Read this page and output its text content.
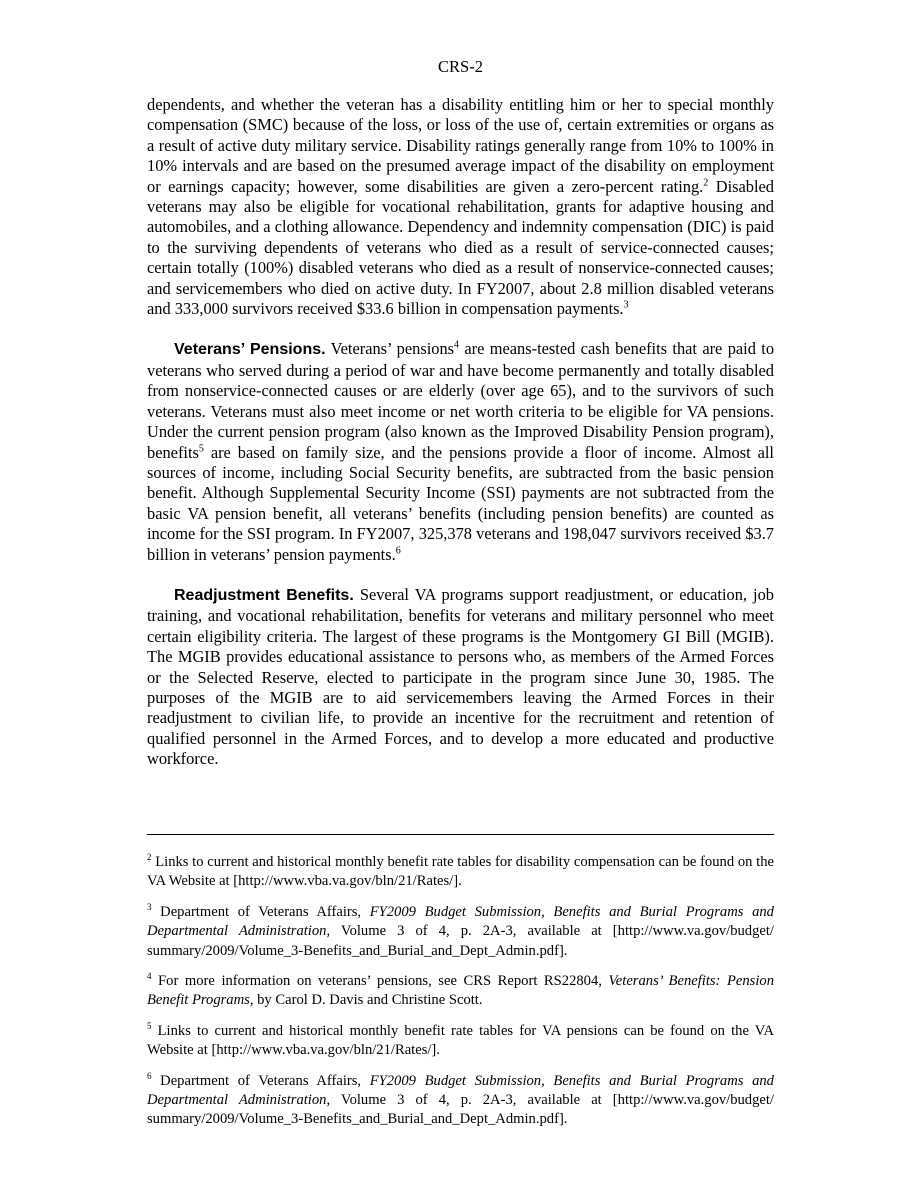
CRS-2

dependents, and whether the veteran has a disability entitling him or her to special monthly compensation (SMC) because of the loss, or loss of the use of, certain extremities or organs as a result of active duty military service. Disability ratings generally range from 10% to 100% in 10% intervals and are based on the presumed average impact of the disability on employment or earnings capacity; however, some disabilities are given a zero-percent rating.$^2$ Disabled veterans may also be eligible for vocational rehabilitation, grants for adaptive housing and automobiles, and a clothing allowance. Dependency and indemnity compensation (DIC) is paid to the surviving dependents of veterans who died as a result of service-connected causes; certain totally (100%) disabled veterans who died as a result of nonservice-connected causes; and servicemembers who died on active duty. In FY2007, about 2.8 million disabled veterans and 333,000 survivors received $33.6 billion in compensation payments.$^3$

Veterans’ Pensions. Veterans’ pensions$^4$ are means-tested cash benefits that are paid to veterans who served during a period of war and have become permanently and totally disabled from nonservice-connected causes or are elderly (over age 65), and to the survivors of such veterans. Veterans must also meet income or net worth criteria to be eligible for VA pensions. Under the current pension program (also known as the Improved Disability Pension program), benefits$^5$ are based on family size, and the pensions provide a floor of income. Almost all sources of income, including Social Security benefits, are subtracted from the basic pension benefit. Although Supplemental Security Income (SSI) payments are not subtracted from the basic VA pension benefit, all veterans’ benefits (including pension benefits) are counted as income for the SSI program. In FY2007, 325,378 veterans and 198,047 survivors received $3.7 billion in veterans’ pension payments.$^6$

Readjustment Benefits. Several VA programs support readjustment, or education, job training, and vocational rehabilitation, benefits for veterans and military personnel who meet certain eligibility criteria. The largest of these programs is the Montgomery GI Bill (MGIB). The MGIB provides educational assistance to persons who, as members of the Armed Forces or the Selected Reserve, elected to participate in the program since June 30, 1985. The purposes of the MGIB are to aid servicemembers leaving the Armed Forces in their readjustment to civilian life, to provide an incentive for the recruitment and retention of qualified personnel in the Armed Forces, and to develop a more educated and productive workforce.

$^2$ Links to current and historical monthly benefit rate tables for disability compensation can be found on the VA Website at [http://www.vba.va.gov/bln/21/Rates/].
$^3$ Department of Veterans Affairs, FY2009 Budget Submission, Benefits and Burial Programs and Departmental Administration, Volume 3 of 4, p. 2A-3, available at [http://www.va.gov/budget/ summary/2009/Volume_3-Benefits_and_Burial_and_Dept_Admin.pdf].
$^4$ For more information on veterans’ pensions, see CRS Report RS22804, Veterans’ Benefits: Pension Benefit Programs, by Carol D. Davis and Christine Scott.
$^5$ Links to current and historical monthly benefit rate tables for VA pensions can be found on the VA Website at [http://www.vba.va.gov/bln/21/Rates/].
$^6$ Department of Veterans Affairs, FY2009 Budget Submission, Benefits and Burial Programs and Departmental Administration, Volume 3 of 4, p. 2A-3, available at [http://www.va.gov/budget/ summary/2009/Volume_3-Benefits_and_Burial_and_Dept_Admin.pdf].
